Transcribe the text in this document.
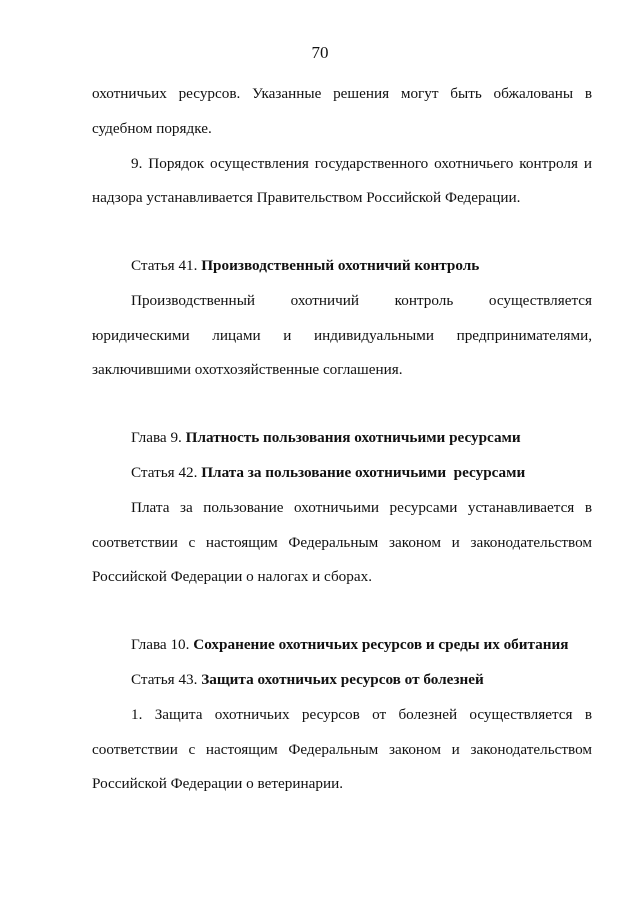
70
охотничьих ресурсов. Указанные решения могут быть обжалованы в
судебном порядке.
9. Порядок осуществления государственного охотничьего контроля и
надзора устанавливается Правительством Российской Федерации.
Статья 41. Производственный охотничий контроль
Производственный охотничий контроль осуществляется
юридическими лицами и индивидуальными предпринимателями,
заключившими охотхозяйственные соглашения.
Глава 9. Платность пользования охотничьими ресурсами
Статья 42. Плата за пользование охотничьими  ресурсами
Плата за пользование охотничьими ресурсами устанавливается в
соответствии с настоящим Федеральным законом и законодательством
Российской Федерации о налогах и сборах.
Глава 10. Сохранение охотничьих ресурсов и среды их обитания
Статья 43. Защита охотничьих ресурсов от болезней
1. Защита охотничьих ресурсов от болезней осуществляется в
соответствии с настоящим Федеральным законом и законодательством
Российской Федерации о ветеринарии.
